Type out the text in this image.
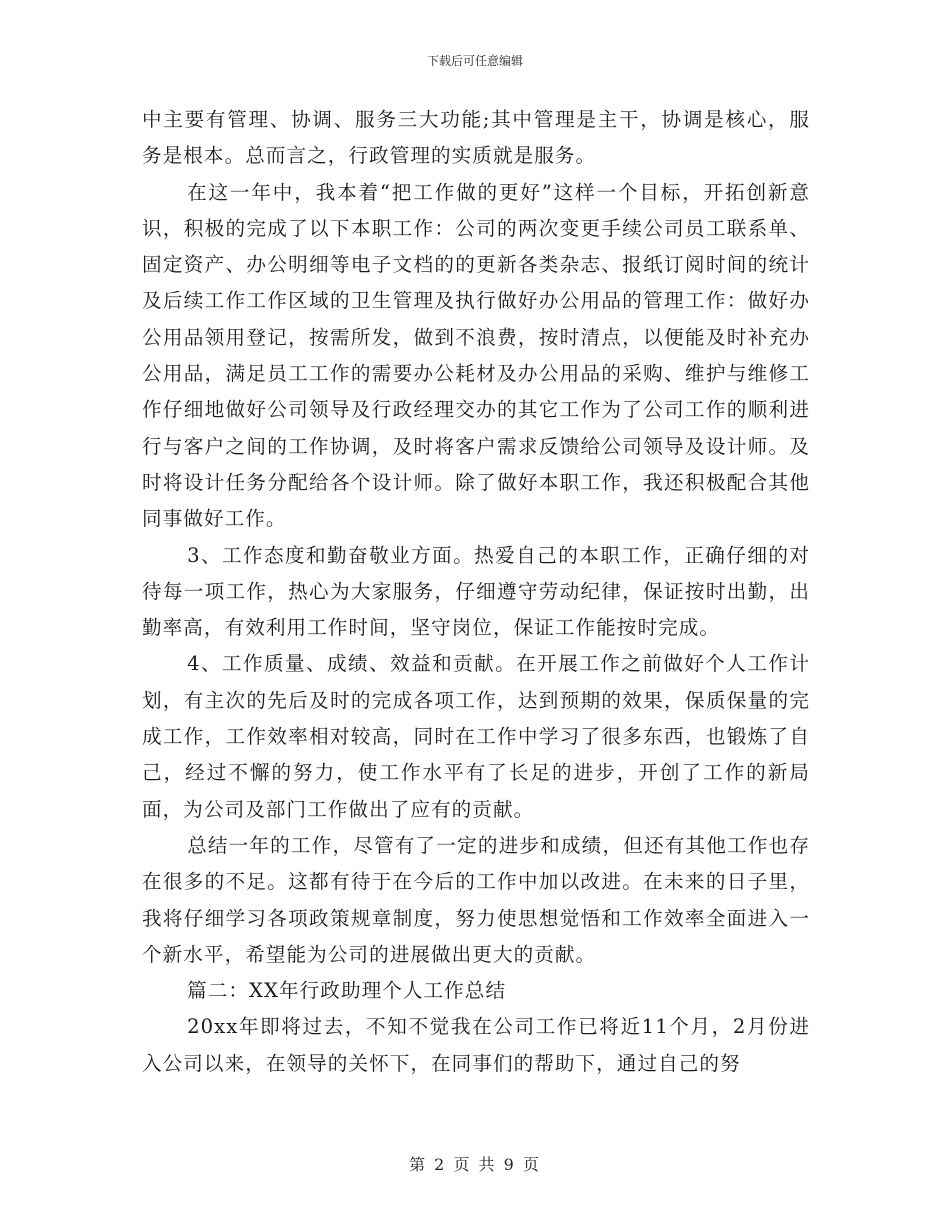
下载后可任意编辑

中主要有管理、协调、服务三大功能;其中管理是主干，协调是核心，服务是根本。总而言之，行政管理的实质就是服务。

在这一年中，我本着“把工作做的更好”这样一个目标，开拓创新意识，积极的完成了以下本职工作：公司的两次变更手续公司员工联系单、固定资产、办公明细等电子文档的的更新各类杂志、报纸订阅时间的统计及后续工作工作区域的卫生管理及执行做好办公用品的管理工作：做好办公用品领用登记，按需所发，做到不浪费，按时清点，以便能及时补充办公用品，满足员工工作的需要办公耗材及办公用品的采购、维护与维修工作仔细地做好公司领导及行政经理交办的其它工作为了公司工作的顺利进行与客户之间的工作协调，及时将客户需求反馈给公司领导及设计师。及时将设计任务分配给各个设计师。除了做好本职工作，我还积极配合其他同事做好工作。

3、工作态度和勤奋敬业方面。热爱自己的本职工作，正确仔细的对待每一项工作，热心为大家服务，仔细遵守劳动纪律，保证按时出勤，出勤率高，有效利用工作时间，坚守岗位，保证工作能按时完成。

4、工作质量、成绩、效益和贡献。在开展工作之前做好个人工作计划，有主次的先后及时的完成各项工作，达到预期的效果，保质保量的完成工作，工作效率相对较高，同时在工作中学习了很多东西，也锻炼了自己，经过不懈的努力，使工作水平有了长足的进步，开创了工作的新局面，为公司及部门工作做出了应有的贡献。

总结一年的工作，尽管有了一定的进步和成绩，但还有其他工作也存在很多的不足。这都有待于在今后的工作中加以改进。在未来的日子里，我将仔细学习各项政策规章制度，努力使思想觉悟和工作效率全面进入一个新水平，希望能为公司的进展做出更大的贡献。

篇二：XX年行政助理个人工作总结

20xx年即将过去，不知不觉我在公司工作已将近11个月，2月份进入公司以来，在领导的关怀下，在同事们的帮助下，通过自己的努

第 2 页 共 9 页
